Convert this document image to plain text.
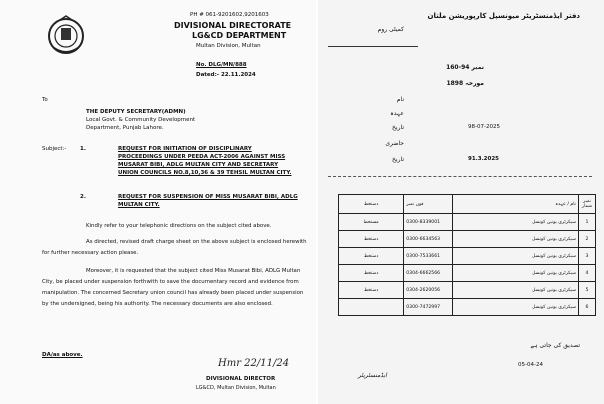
PH # 061-9201602,9201603
DIVISIONAL DIRECTORATE
LG&CD DEPARTMENT
Multan Division, Multan
No. DLG/MN/888
Dated:- 22.11.2024
To
THE DEPUTY SECRETARY(ADMN)
Local Govt. & Community Development
Department, Punjab Lahore.
Subject:- 1.	REQUEST FOR INITIATION OF DISCIPLINARY
PROCEEDINGS UNDER PEEDA ACT-2006 AGAINST MISS
MUSARAT BIBI, ADLG MULTAN CITY AND SECRETARY
UNION COUNCILS NO.8,10,36 & 39 TEHSIL MULTAN CITY.
2.	REQUEST FOR SUSPENSION OF MISS MUSARAT BIBI, ADLG
MULTAN CITY.
Kindly refer to your telephonic directions on the subject cited above.
As directed, revised draft charge sheet on the above subject is enclosed herewith for further necessary action please.
Moreover, it is requested that the subject cited Miss Musarat Bibi, ADLG Multan City, be placed under suspension forthwith to save the documentary record and evidence from manipulation. The concerned Secretary union council has already been placed under suspension by the undersigned, being his authority. The necessary documents are also enclosed.
DA/as above.
Hmr 22/11/24
DIVISIONAL DIRECTOR
LG&CD, Multan Division, Multan
دفتر ایڈمنسٹریٹر میونسپل کارپوریشن ملتان
کمیٹی روم
نمبر 94-160
مورخہ 1898
نام
عہدہ
تاریخ	98-07-2025
حاضری
تاریخ	91.3.2025
دستخط	فون نمبر	نام / عہدہ	نمبر شمار
مستخط	0300-8339001	سیکرٹری یونین کونسل	1
دستخط	0300-6634563	سیکرٹری یونین کونسل	2
دستخط	0300-7533661	سیکرٹری یونین کونسل	3
دستخط	0304-6662566	سیکرٹری یونین کونسل	4
دستخط	0304-2620056	سیکرٹری یونین کونسل	5
	0300-7472997	سیکرٹری یونین کونسل	6
تصدیق کی جاتی ہے
05-04-24
ایڈمنسٹریٹر
